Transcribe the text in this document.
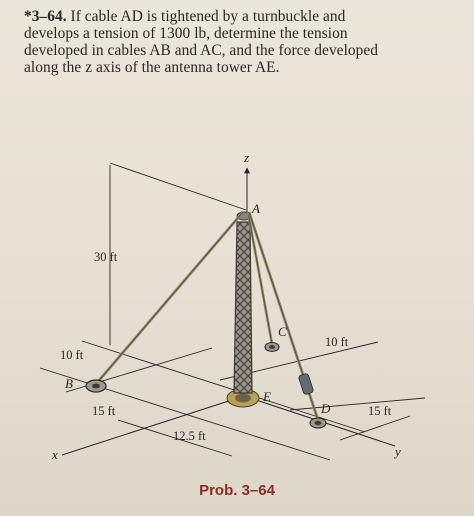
*3–64. If cable AD is tightened by a turnbuckle and
develops a tension of 1300 lb, determine the tension
developed in cables AB and AC, and the force developed
along the z axis of the antenna tower AE.
z
30 ft
x	y
10 ft
15 ft
12.5 ft
10 ft
15 ft
A
B
C
D
E
Prob. 3–64
